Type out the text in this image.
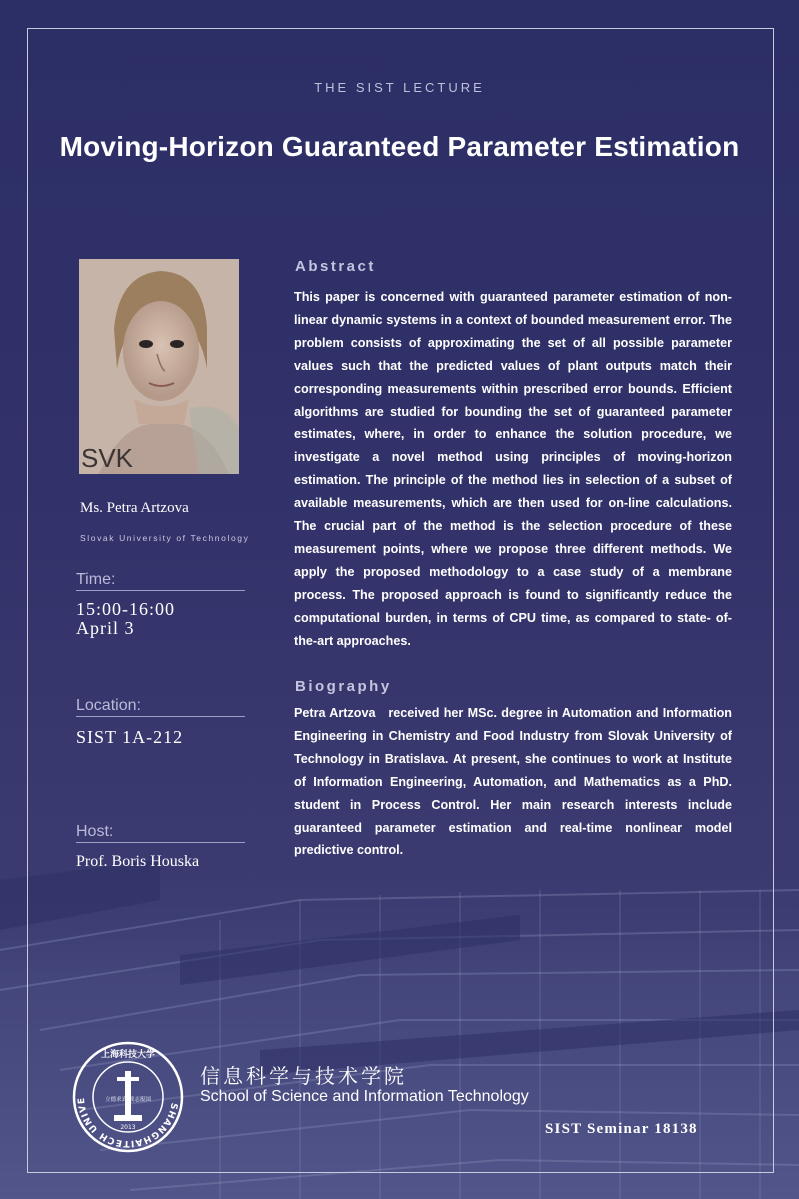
THE SIST LECTURE
Moving-Horizon Guaranteed Parameter Estimation
SVK
Ms. Petra Artzova
Slovak University of Technology
Time:
15:00-16:00
April 3
Location:
SIST 1A-212
Host:
Prof. Boris Houska
Abstract
This paper is concerned with guaranteed parameter estimation of non-linear dynamic systems in a context of bounded measurement error. The problem consists of approximating the set of all possible parameter values such that the predicted values of plant outputs match their corresponding measurements within prescribed error bounds. Efficient algorithms are studied for bounding the set of guaranteed parameter estimates, where, in order to enhance the solution procedure, we investigate a novel method using principles of moving-horizon estimation. The principle of the method lies in selection of a subset of available measurements, which are then used for on-line calculations. The crucial part of the method is the selection procedure of these measurement points, where we propose three different methods. We apply the proposed methodology to a case study of a membrane process. The proposed approach is found to significantly reduce the computational burden, in terms of CPU time, as compared to state- of-the-art approaches.
Biography
Petra Artzova   received her MSc. degree in Automation and Information Engineering in Chemistry and Food Industry from Slovak University of Technology in Bratislava. At present, she continues to work at Institute of Information Engineering, Automation, and Mathematics as a PhD. student in Process Control. Her main research interests include guaranteed parameter estimation and real-time nonlinear model predictive control.
SHANGHAITECH UNIVE
上海科技大学
立德求真 成志报国
2013
信息科学与技术学院
School of Science and Information Technology
SIST Seminar 18138
